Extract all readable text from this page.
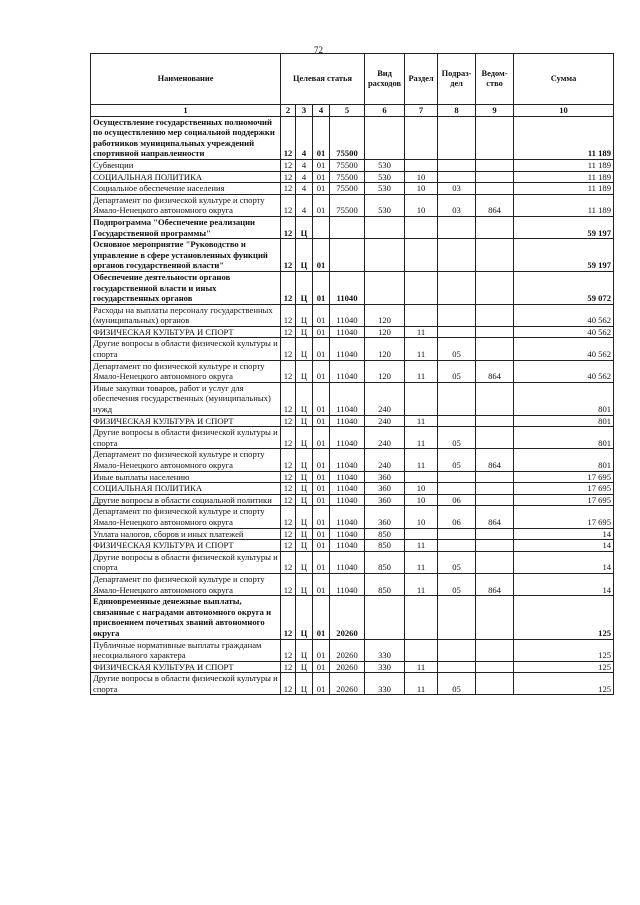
72
Наименование	Целевая статья				Вид расходов	Раздел	Подраз-дел	Ведом-ство	Сумма
1	2	3	4	5	6	7	8	9	10
Осуществление государственных полномочий по осуществлению мер социальной поддержки работников муниципальных учреждений спортивной направленности	12	4	01	75500					11 189
Субвенции	12	4	01	75500	530				11 189
СОЦИАЛЬНАЯ ПОЛИТИКА	12	4	01	75500	530	10			11 189
Социальное обеспечение населения	12	4	01	75500	530	10	03		11 189
Департамент по физической культуре и спорту Ямало-Ненецкого автономного округа	12	4	01	75500	530	10	03	864	11 189
Подпрограмма "Обеспечение реализации Государственной программы"	12	Ц							59 197
Основное мероприятие "Руководство и управление в сфере установленных функций органов государственной власти"	12	Ц	01						59 197
Обеспечение деятельности органов государственной власти и иных государственных органов	12	Ц	01	11040					59 072
Расходы на выплаты персоналу государственных (муниципальных) органов	12	Ц	01	11040	120				40 562
ФИЗИЧЕСКАЯ КУЛЬТУРА И СПОРТ	12	Ц	01	11040	120	11			40 562
Другие вопросы в области физической культуры и спорта	12	Ц	01	11040	120	11	05		40 562
Департамент по физической культуре и спорту Ямало-Ненецкого автономного округа	12	Ц	01	11040	120	11	05	864	40 562
Иные закупки товаров, работ и услуг для обеспечения государственных (муниципальных) нужд	12	Ц	01	11040	240				801
ФИЗИЧЕСКАЯ КУЛЬТУРА И СПОРТ	12	Ц	01	11040	240	11			801
Другие вопросы в области физической культуры и спорта	12	Ц	01	11040	240	11	05		801
Департамент по физической культуре и спорту Ямало-Ненецкого автономного округа	12	Ц	01	11040	240	11	05	864	801
Иные выплаты населению	12	Ц	01	11040	360				17 695
СОЦИАЛЬНАЯ ПОЛИТИКА	12	Ц	01	11040	360	10			17 695
Другие вопросы в области социальной политики	12	Ц	01	11040	360	10	06		17 695
Департамент по физической культуре и спорту Ямало-Ненецкого автономного округа	12	Ц	01	11040	360	10	06	864	17 695
Уплата налогов, сборов и иных платежей	12	Ц	01	11040	850				14
ФИЗИЧЕСКАЯ КУЛЬТУРА И СПОРТ	12	Ц	01	11040	850	11			14
Другие вопросы в области физической культуры и спорта	12	Ц	01	11040	850	11	05		14
Департамент по физической культуре и спорту Ямало-Ненецкого автономного округа	12	Ц	01	11040	850	11	05	864	14
Единовременные денежные выплаты, связанные с наградами автономного округа и присвоением почетных званий автономного округа	12	Ц	01	20260					125
Публичные нормативные выплаты гражданам несоциального характера	12	Ц	01	20260	330				125
ФИЗИЧЕСКАЯ КУЛЬТУРА И СПОРТ	12	Ц	01	20260	330	11			125
Другие вопросы в области физической культуры и спорта	12	Ц	01	20260	330	11	05		125
